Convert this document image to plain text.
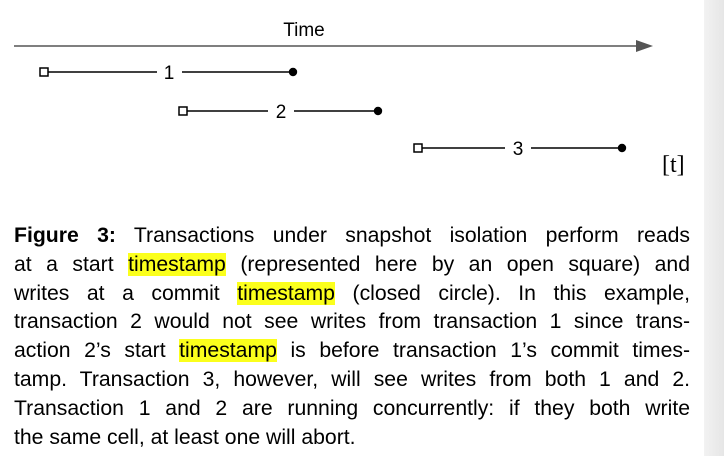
Time
1
2
3
[t]

Figure 3: Transactions under snapshot isolation perform reads
at a start timestamp (represented here by an open square) and
writes at a commit timestamp (closed circle). In this example,
transaction 2 would not see writes from transaction 1 since trans-
action 2’s start timestamp is before transaction 1’s commit times-
tamp. Transaction 3, however, will see writes from both 1 and 2.
Transaction 1 and 2 are running concurrently: if they both write
the same cell, at least one will abort.
